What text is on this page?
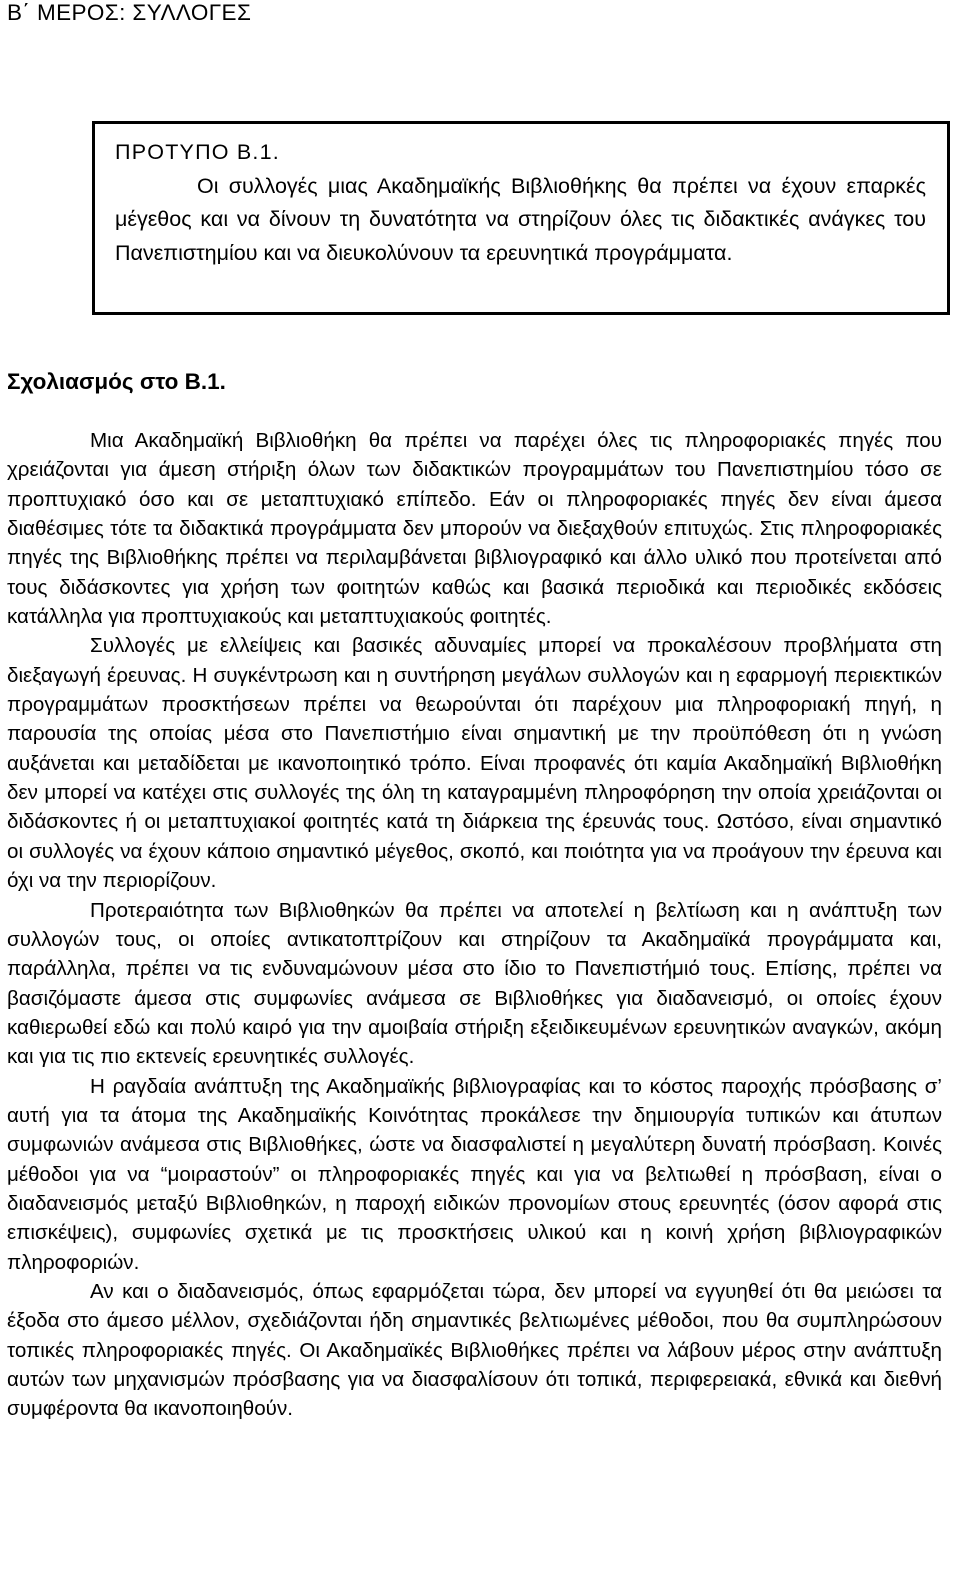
Β΄ ΜΕΡΟΣ: ΣΥΛΛΟΓΕΣ
ΠΡΟΤΥΠΟ Β.1.

Οι συλλογές μιας Ακαδημαϊκής Βιβλιοθήκης θα πρέπει να έχουν επαρκές μέγεθος και να δίνουν τη δυνατότητα να στηρίζουν όλες τις διδακτικές ανάγκες του Πανεπιστημίου και να διευκολύνουν τα ερευνητικά προγράμματα.

Σχολιασμός στο Β.1.

Μια Ακαδημαϊκή Βιβλιοθήκη θα πρέπει να παρέχει όλες τις πληροφοριακές πηγές που χρειάζονται για άμεση στήριξη όλων των διδακτικών προγραμμάτων του Πανεπιστημίου τόσο σε προπτυχιακό όσο και σε μεταπτυχιακό επίπεδο. Εάν οι πληροφοριακές πηγές δεν είναι άμεσα διαθέσιμες τότε τα διδακτικά προγράμματα δεν μπορούν να διεξαχθούν επιτυχώς. Στις πληροφοριακές πηγές της Βιβλιοθήκης πρέπει να περιλαμβάνεται βιβλιογραφικό και άλλο υλικό που προτείνεται από τους διδάσκοντες για χρήση των φοιτητών καθώς και βασικά περιοδικά και περιοδικές εκδόσεις κατάλληλα για προπτυχιακούς και μεταπτυχιακούς φοιτητές.

Συλλογές με ελλείψεις και βασικές αδυναμίες μπορεί να προκαλέσουν προβλήματα στη διεξαγωγή έρευνας. Η συγκέντρωση και η συντήρηση μεγάλων συλλογών και η εφαρμογή περιεκτικών προγραμμάτων προσκτήσεων πρέπει να θεωρούνται ότι παρέχουν μια πληροφοριακή πηγή, η παρουσία της οποίας μέσα στο Πανεπιστήμιο είναι σημαντική με την προϋπόθεση ότι η γνώση αυξάνεται και μεταδίδεται με ικανοποιητικό τρόπο. Είναι προφανές ότι καμία Ακαδημαϊκή Βιβλιοθήκη δεν μπορεί να κατέχει στις συλλογές της όλη τη καταγραμμένη πληροφόρηση την οποία χρειάζονται οι διδάσκοντες ή οι μεταπτυχιακοί φοιτητές κατά τη διάρκεια της έρευνάς τους. Ωστόσο, είναι σημαντικό οι συλλογές να έχουν κάποιο σημαντικό μέγεθος, σκοπό, και ποιότητα για να προάγουν την έρευνα και όχι να την περιορίζουν.

Προτεραιότητα των Βιβλιοθηκών θα πρέπει να αποτελεί η βελτίωση και η ανάπτυξη των συλλογών τους, οι οποίες αντικατοπτρίζουν και στηρίζουν τα Ακαδημαϊκά προγράμματα και, παράλληλα, πρέπει να τις ενδυναμώνουν μέσα στο ίδιο το Πανεπιστήμιό τους. Επίσης, πρέπει να βασιζόμαστε άμεσα στις συμφωνίες ανάμεσα σε Βιβλιοθήκες για διαδανεισμό, οι οποίες έχουν καθιερωθεί εδώ και πολύ καιρό για την αμοιβαία στήριξη εξειδικευμένων ερευνητικών αναγκών, ακόμη και για τις πιο εκτενείς ερευνητικές συλλογές.

Η ραγδαία ανάπτυξη της Ακαδημαϊκής βιβλιογραφίας και το κόστος παροχής πρόσβασης σ’ αυτή για τα άτομα της Ακαδημαϊκής Κοινότητας προκάλεσε την δημιουργία τυπικών και άτυπων συμφωνιών ανάμεσα στις Βιβλιοθήκες, ώστε να διασφαλιστεί η μεγαλύτερη δυνατή πρόσβαση. Κοινές μέθοδοι για να “μοιραστούν” οι πληροφοριακές πηγές και για να βελτιωθεί η πρόσβαση, είναι ο διαδανεισμός μεταξύ Βιβλιοθηκών, η παροχή ειδικών προνομίων στους ερευνητές (όσον αφορά στις επισκέψεις), συμφωνίες σχετικά με τις προσκτήσεις υλικού και η κοινή χρήση βιβλιογραφικών πληροφοριών.

Αν και ο διαδανεισμός, όπως εφαρμόζεται τώρα, δεν μπορεί να εγγυηθεί ότι θα μειώσει τα έξοδα στο άμεσο μέλλον, σχεδιάζονται ήδη σημαντικές βελτιωμένες μέθοδοι, που θα συμπληρώσουν τοπικές πληροφοριακές πηγές. Οι Ακαδημαϊκές Βιβλιοθήκες πρέπει να λάβουν μέρος στην ανάπτυξη αυτών των μηχανισμών πρόσβασης για να διασφαλίσουν ότι τοπικά, περιφερειακά, εθνικά και διεθνή συμφέροντα θα ικανοποιηθούν.
